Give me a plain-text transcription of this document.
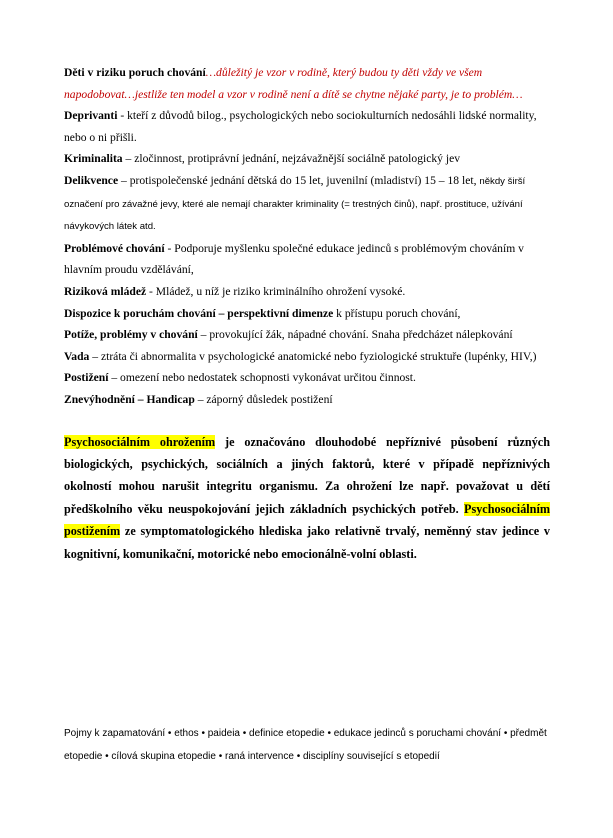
Děti v riziku poruch chování…důležitý je vzor v rodině, který budou ty děti vždy ve všem napodobovat…jestliže ten model a vzor v rodině není a dítě se chytne nějaké party, je to problém…

Deprivanti - kteří z důvodů bilog., psychologických nebo sociokulturních nedosáhli lidské normality, nebo o ni přišli.

Kriminalita – zločinnost, protiprávní jednání, nejzávažnější sociálně patologický jev

Delikvence – protispolečenské jednání dětská do 15 let, juvenilní (mladiství) 15 – 18 let, někdy širší označení pro závažné jevy, které ale nemají charakter kriminality (= trestných činů), např. prostituce, užívání návykových látek atd.

Problémové chování - Podporuje myšlenku společné edukace jedinců s problémovým chováním v hlavním proudu vzdělávání,

Riziková mládež - Mládež, u níž je riziko kriminálního ohrožení vysoké.

Dispozice k poruchám chování – perspektivní dimenze k přístupu poruch chování,

Potíže, problémy v chování – provokující žák, nápadné chování. Snaha předcházet nálepkování

Vada – ztráta či abnormalita v psychologické anatomické nebo fyziologické struktuře (lupénky, HIV,)

Postižení – omezení nebo nedostatek schopnosti vykonávat určitou činnost.

Znevýhodnění – Handicap – záporný důsledek postižení

Psychosociálním ohrožením je označováno dlouhodobé nepříznivé působení různých biologických, psychických, sociálních a jiných faktorů, které v případě nepříznivých okolností mohou narušit integritu organismu. Za ohrožení lze např. považovat u dětí předškolního věku neuspokojování jejich základních psychických potřeb. Psychosociálním postižením ze symptomatologického hlediska jako relativně trvalý, neměnný stav jedince v kognitivní, komunikační, motorické nebo emocionálně-volní oblasti.

Pojmy k zapamatování • ethos • paideia • definice etopedie • edukace jedinců s poruchami chování • předmět etopedie • cílová skupina etopedie • raná intervence • disciplíny související s etopedií
